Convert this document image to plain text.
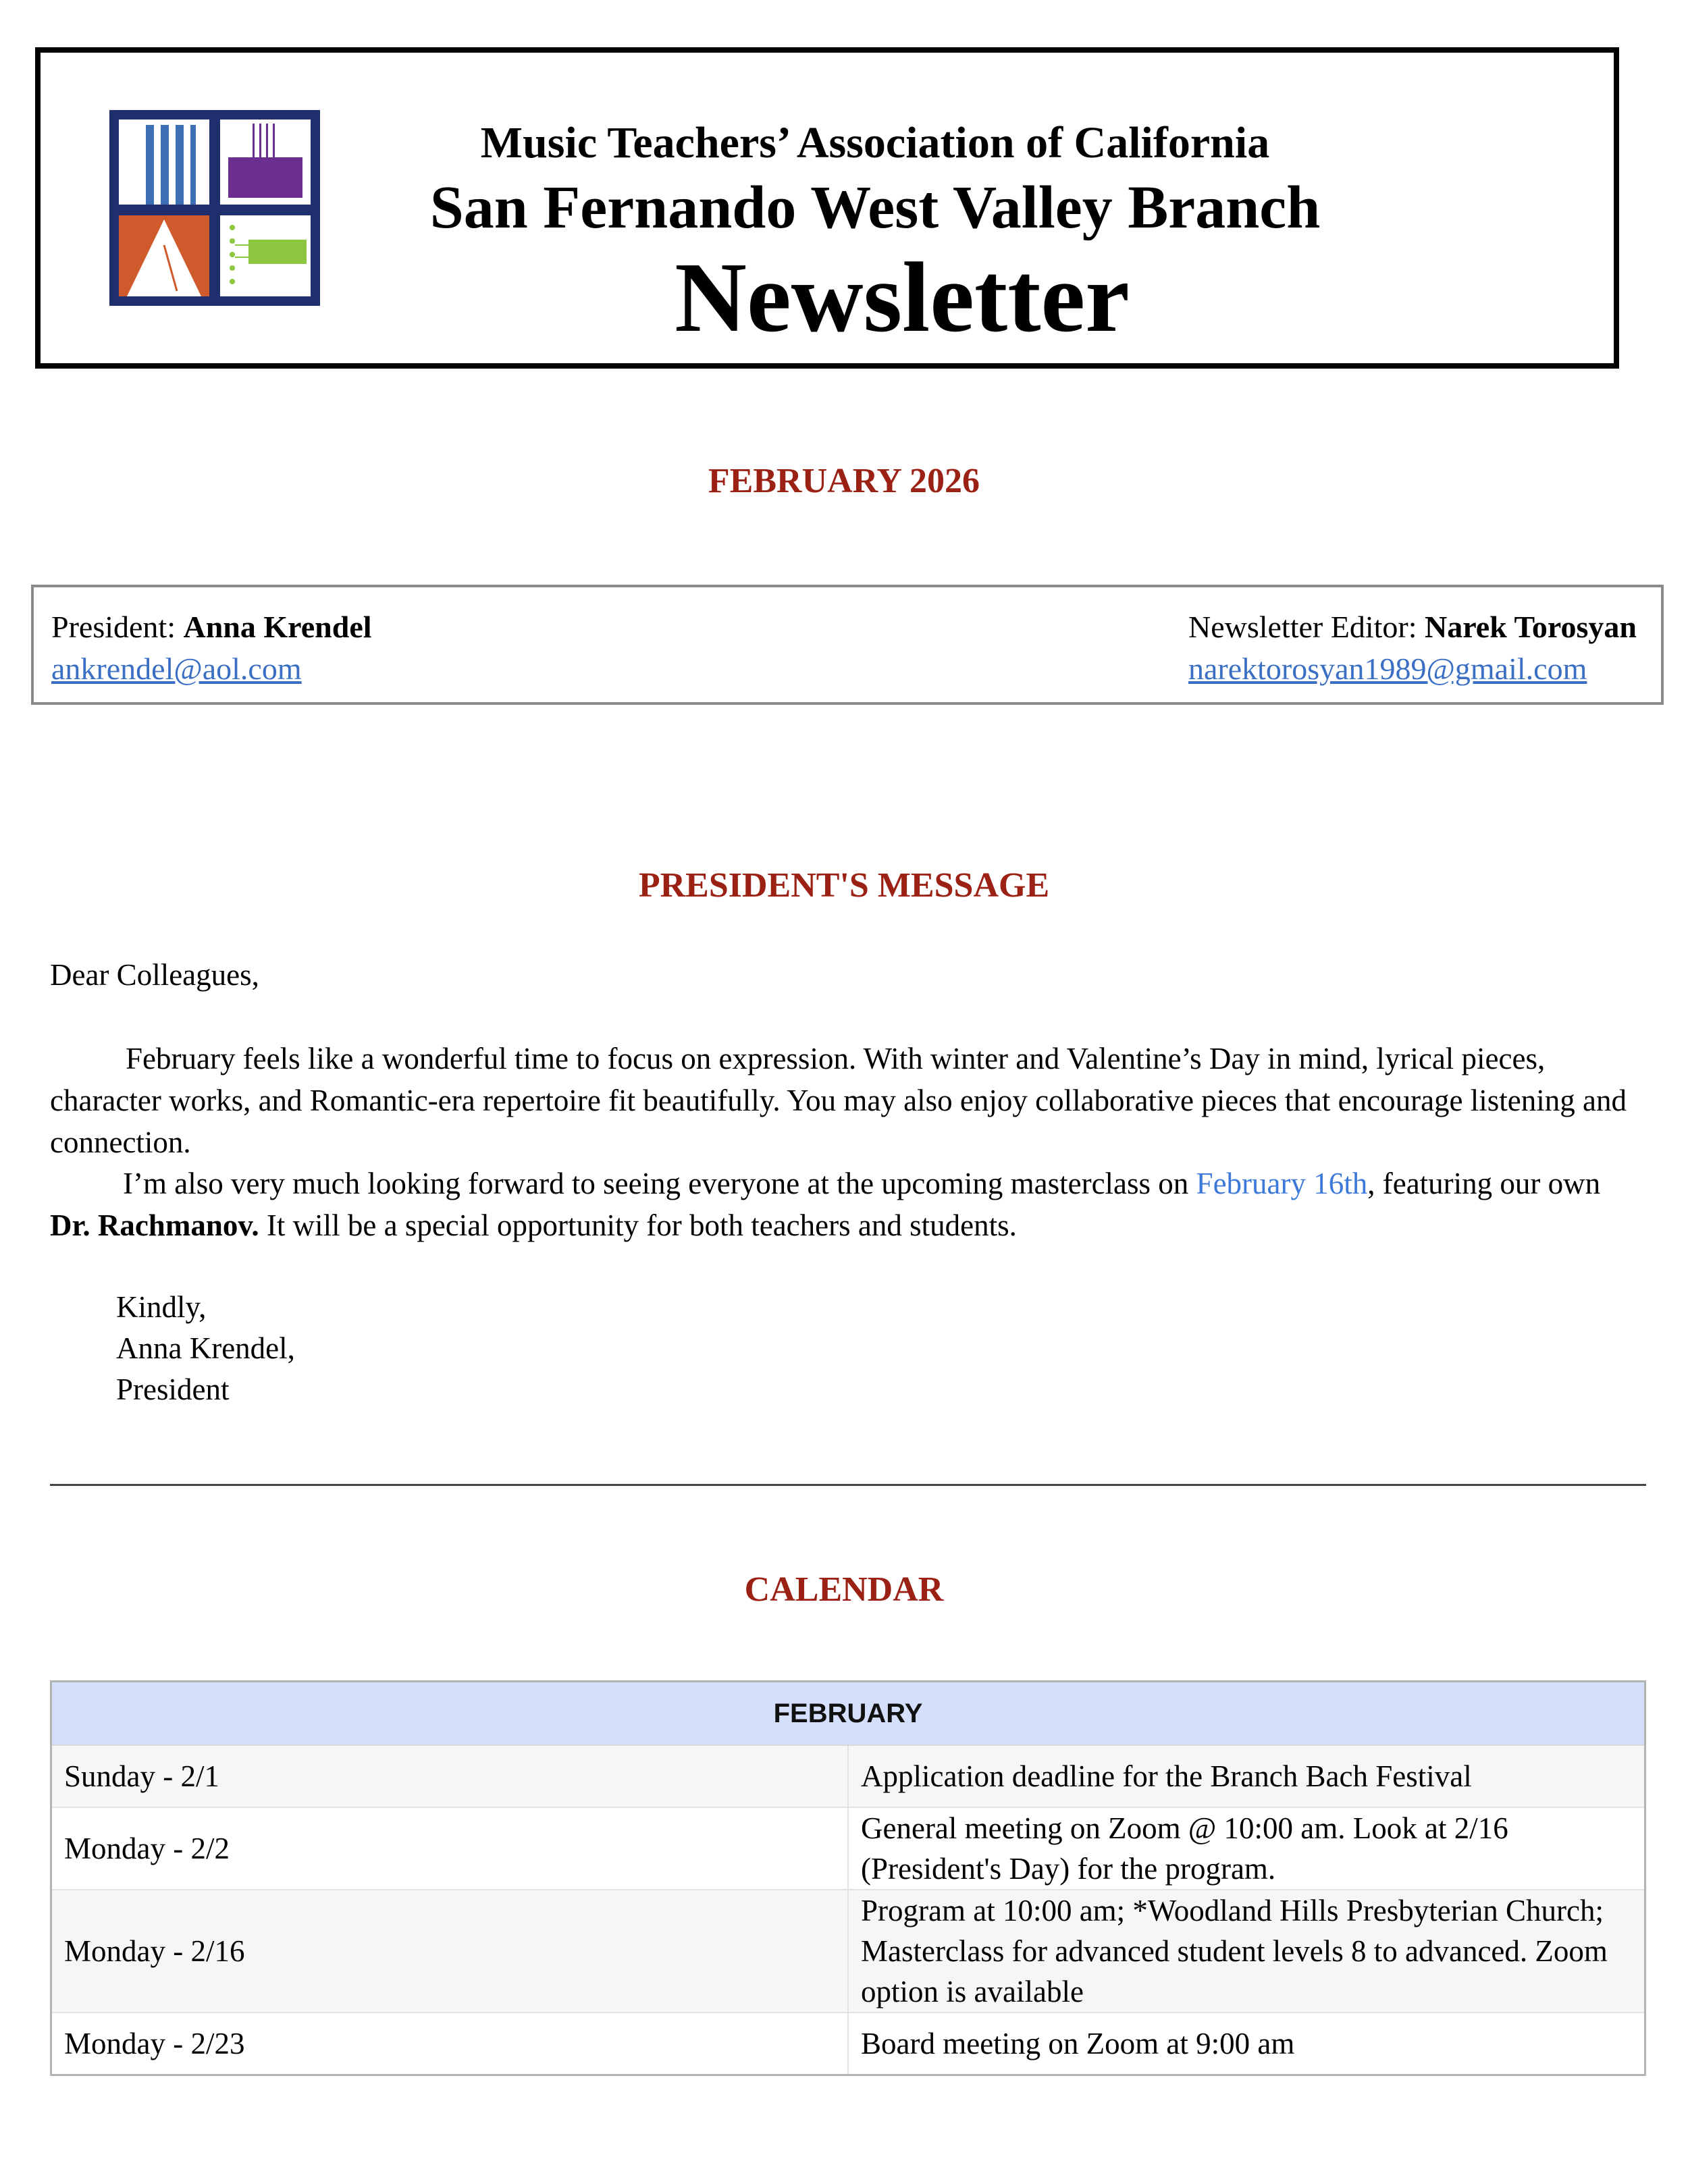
Music Teachers’ Association of California
San Fernando West Valley Branch
Newsletter
FEBRUARY 2026
President: Anna Krendel
ankrendel@aol.com
Newsletter Editor: Narek Torosyan
narektorosyan1989@gmail.com
PRESIDENT'S MESSAGE
Dear Colleagues,
February feels like a wonderful time to focus on expression. With winter and Valentine’s Day in mind, lyrical pieces, character works, and Romantic-era repertoire fit beautifully. You may also enjoy collaborative pieces that encourage listening and connection.
I’m also very much looking forward to seeing everyone at the upcoming masterclass on February 16th, featuring our own Dr. Rachmanov. It will be a special opportunity for both teachers and students.
Kindly,
Anna Krendel,
President
CALENDAR
FEBRUARY	
Sunday - 2/1	Application deadline for the Branch Bach Festival
Monday - 2/2	General meeting on Zoom @ 10:00 am. Look at 2/16 (President's Day) for the program.
Monday - 2/16	Program at 10:00 am; *Woodland Hills Presbyterian Church; Masterclass for advanced student levels 8 to advanced. Zoom option is available
Monday - 2/23	Board meeting on Zoom at 9:00 am
